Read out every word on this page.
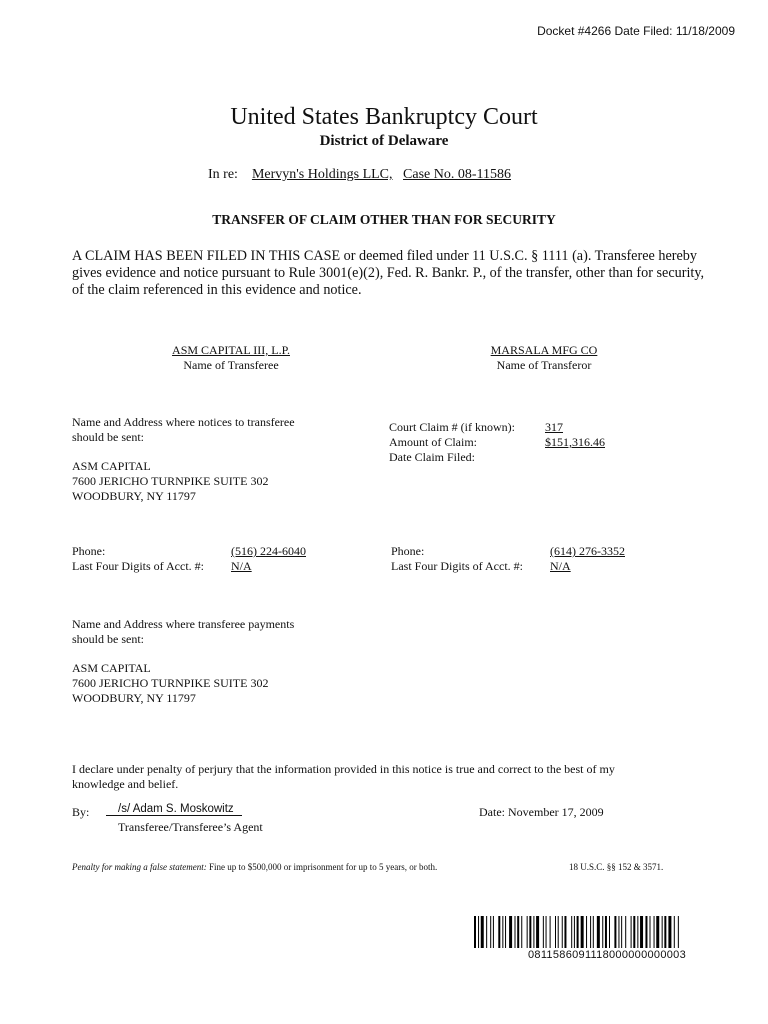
Docket #4266 Date Filed: 11/18/2009
United States Bankruptcy Court
District of Delaware
In re: Mervyn's Holdings LLC, Case No. 08-11586
TRANSFER OF CLAIM OTHER THAN FOR SECURITY
A CLAIM HAS BEEN FILED IN THIS CASE or deemed filed under 11 U.S.C. § 1111 (a). Transferee hereby gives evidence and notice pursuant to Rule 3001(e)(2), Fed. R. Bankr. P., of the transfer, other than for security, of the claim referenced in this evidence and notice.
ASM CAPITAL III, L.P.
Name of Transferee
MARSALA MFG CO
Name of Transferor
Name and Address where notices to transferee
should be sent:
ASM CAPITAL
7600 JERICHO TURNPIKE SUITE 302
WOODBURY, NY 11797
Court Claim # (if known):
Amount of Claim:
Date Claim Filed:
317
$151,316.46
Phone:
Last Four Digits of Acct. #:
(516) 224-6040
N/A
Phone:
Last Four Digits of Acct. #:
(614) 276-3352
N/A
Name and Address where transferee payments
should be sent:
ASM CAPITAL
7600 JERICHO TURNPIKE SUITE 302
WOODBURY, NY 11797
I declare under penalty of perjury that the information provided in this notice is true and correct to the best of my
knowledge and belief.
By:	/s/ Adam S. Moskowitz
Transferee/Transferee’s Agent
Date: November 17, 2009
Penalty for making a false statement: Fine up to $500,000 or imprisonment for up to 5 years, or both.	18 U.S.C. §§ 152 & 3571.
0811586091118000000000003
